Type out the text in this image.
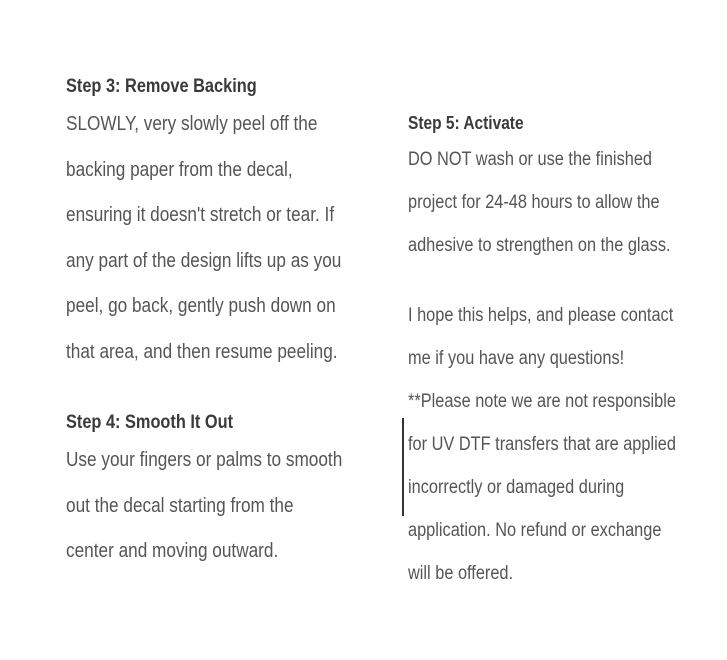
Step 3: Remove Backing

SLOWLY, very slowly peel off the

backing paper from the decal,

ensuring it doesn't stretch or tear. If

any part of the design lifts up as you

peel, go back, gently push down on

that area, and then resume peeling.

Step 4: Smooth It Out

Use your fingers or palms to smooth

out the decal starting from the

center and moving outward.

Step 5: Activate

DO NOT wash or use the finished

project for 24-48 hours to allow the

adhesive to strengthen on the glass.

I hope this helps, and please contact

me if you have any questions!

**Please note we are not responsible

for UV DTF transfers that are applied

incorrectly or damaged during

application. No refund or exchange

will be offered.
